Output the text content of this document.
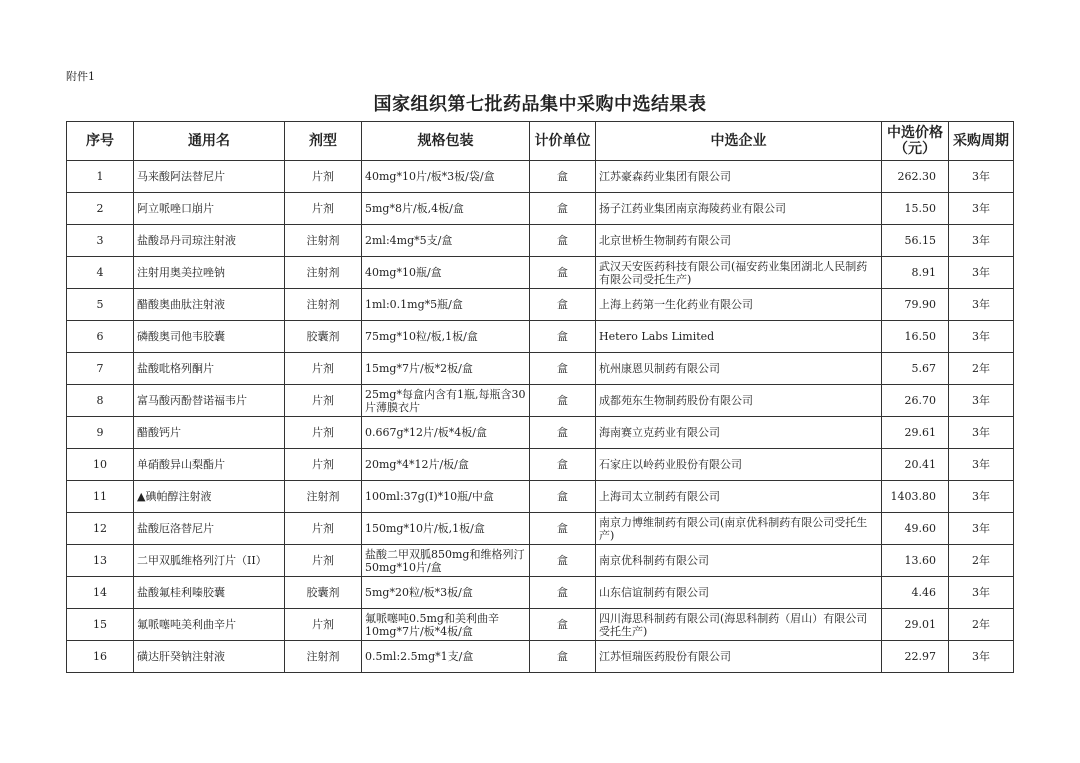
附件1
国家组织第七批药品集中采购中选结果表
序号	通用名	剂型	规格包装	计价单位	中选企业	中选价格（元）	采购周期
1	马来酸阿法替尼片	片剂	40mg*10片/板*3板/袋/盒	盒	江苏豪森药业集团有限公司	262.30	3年
2	阿立哌唑口崩片	片剂	5mg*8片/板,4板/盒	盒	扬子江药业集团南京海陵药业有限公司	15.50	3年
3	盐酸昂丹司琼注射液	注射剂	2ml:4mg*5支/盒	盒	北京世桥生物制药有限公司	56.15	3年
4	注射用奥美拉唑钠	注射剂	40mg*10瓶/盒	盒	武汉天安医药科技有限公司(福安药业集团湖北人民制药有限公司受托生产)	8.91	3年
5	醋酸奥曲肽注射液	注射剂	1ml:0.1mg*5瓶/盒	盒	上海上药第一生化药业有限公司	79.90	3年
6	磷酸奥司他韦胶囊	胶囊剂	75mg*10粒/板,1板/盒	盒	Hetero Labs Limited	16.50	3年
7	盐酸吡格列酮片	片剂	15mg*7片/板*2板/盒	盒	杭州康恩贝制药有限公司	5.67	2年
8	富马酸丙酚替诺福韦片	片剂	25mg*每盒内含有1瓶,每瓶含30片薄膜衣片	盒	成都苑东生物制药股份有限公司	26.70	3年
9	醋酸钙片	片剂	0.667g*12片/板*4板/盒	盒	海南赛立克药业有限公司	29.61	3年
10	单硝酸异山梨酯片	片剂	20mg*4*12片/板/盒	盒	石家庄以岭药业股份有限公司	20.41	3年
11	▲碘帕醇注射液	注射剂	100ml:37g(I)*10瓶/中盒	盒	上海司太立制药有限公司	1403.80	3年
12	盐酸厄洛替尼片	片剂	150mg*10片/板,1板/盒	盒	南京力博维制药有限公司(南京优科制药有限公司受托生产)	49.60	3年
13	二甲双胍维格列汀片（II）	片剂	盐酸二甲双胍850mg和维格列汀50mg*10片/盒	盒	南京优科制药有限公司	13.60	2年
14	盐酸氟桂利嗪胶囊	胶囊剂	5mg*20粒/板*3板/盒	盒	山东信谊制药有限公司	4.46	3年
15	氟哌噻吨美利曲辛片	片剂	氟哌噻吨0.5mg和美利曲辛10mg*7片/板*4板/盒	盒	四川海思科制药有限公司(海思科制药（眉山）有限公司受托生产)	29.01	2年
16	磺达肝癸钠注射液	注射剂	0.5ml:2.5mg*1支/盒	盒	江苏恒瑞医药股份有限公司	22.97	3年
